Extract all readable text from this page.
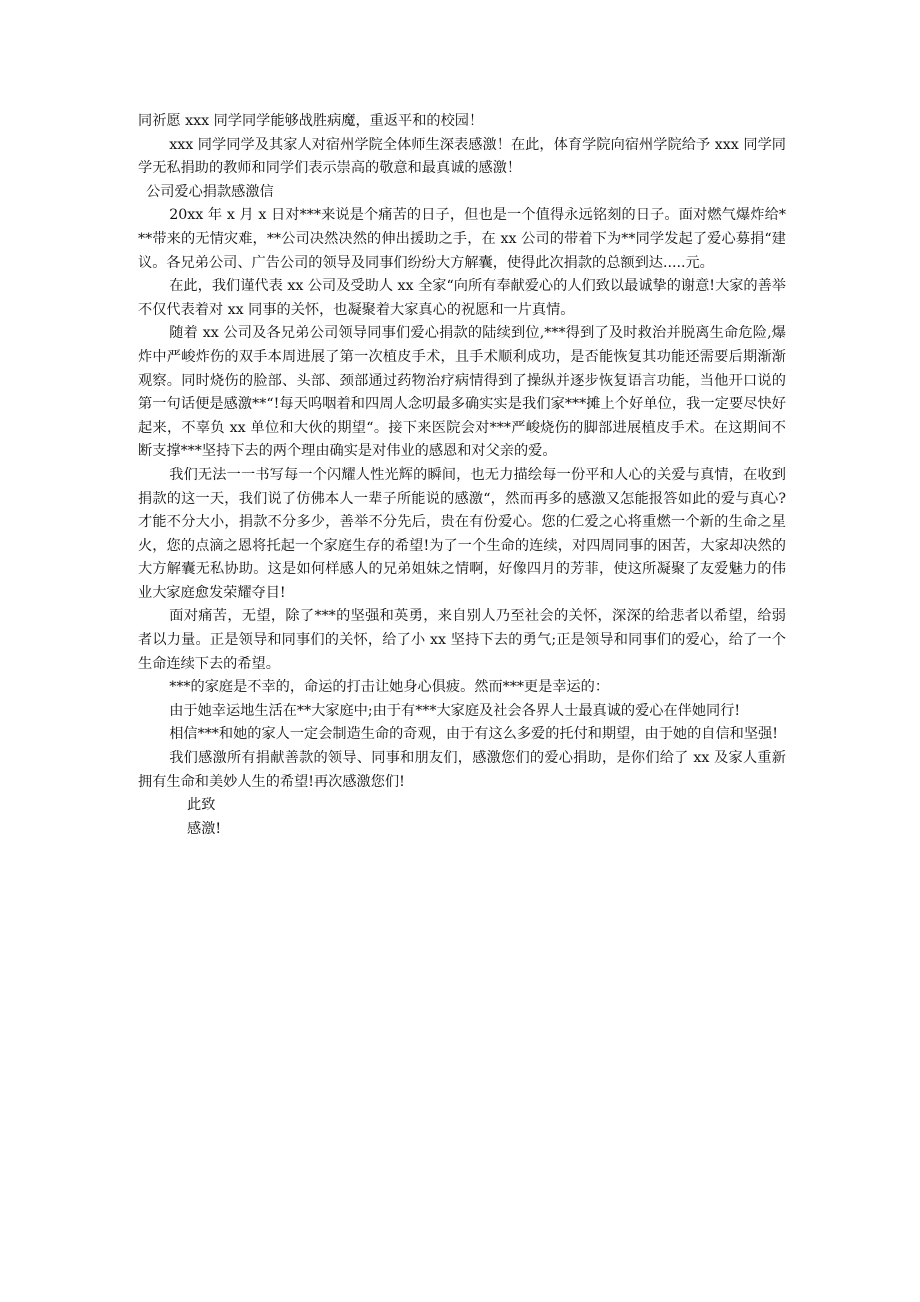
同祈愿 xxx 同学同学能够战胜病魔，重返平和的校园！

xxx 同学同学及其家人对宿州学院全体师生深表感激！在此，体育学院向宿州学院给予 xxx 同学同学无私捐助的教师和同学们表示崇高的敬意和最真诚的感激！

公司爱心捐款感激信

20xx 年 x 月 x 日对***来说是个痛苦的日子，但也是一个值得永远铭刻的日子。面对燃气爆炸给***带来的无情灾难，**公司决然决然的伸出援助之手，在 xx 公司的带着下为**同学发起了爱心募捐“建议。各兄弟公司、广告公司的领导及同事们纷纷大方解囊，使得此次捐款的总额到达.....元。

在此，我们谨代表 xx 公司及受助人 xx 全家“向所有奉献爱心的人们致以最诚挚的谢意!大家的善举不仅代表着对 xx 同事的关怀，也凝聚着大家真心的祝愿和一片真情。

随着 xx 公司及各兄弟公司领导同事们爱心捐款的陆续到位,***得到了及时救治并脱离生命危险,爆炸中严峻炸伤的双手本周进展了第一次植皮手术，且手术顺利成功，是否能恢复其功能还需要后期渐渐观察。同时烧伤的脸部、头部、颈部通过药物治疗病情得到了操纵并逐步恢复语言功能，当他开口说的第一句话便是感激**“!每天呜咽着和四周人念叨最多确实实是我们家***摊上个好单位，我一定要尽快好起来，不辜负 xx 单位和大伙的期望“。接下来医院会对***严峻烧伤的脚部进展植皮手术。在这期间不断支撑***坚持下去的两个理由确实是对伟业的感恩和对父亲的爱。

我们无法一一书写每一个闪耀人性光辉的瞬间，也无力描绘每一份平和人心的关爱与真情，在收到捐款的这一天，我们说了仿佛本人一辈子所能说的感激“，然而再多的感激又怎能报答如此的爱与真心?才能不分大小，捐款不分多少，善举不分先后，贵在有份爱心。您的仁爱之心将重燃一个新的生命之星火，您的点滴之恩将托起一个家庭生存的希望!为了一个生命的连续，对四周同事的困苦，大家却决然的大方解囊无私协助。这是如何样感人的兄弟姐妹之情啊，好像四月的芳菲，使这所凝聚了友爱魅力的伟业大家庭愈发荣耀夺目!

面对痛苦，无望，除了***的坚强和英勇，来自别人乃至社会的关怀，深深的给悲者以希望，给弱者以力量。正是领导和同事们的关怀，给了小 xx 坚持下去的勇气;正是领导和同事们的爱心，给了一个生命连续下去的希望。

***的家庭是不幸的，命运的打击让她身心俱疲。然而***更是幸运的：

由于她幸运地生活在**大家庭中;由于有***大家庭及社会各界人士最真诚的爱心在伴她同行!

相信***和她的家人一定会制造生命的奇观，由于有这么多爱的托付和期望，由于她的自信和坚强!

我们感激所有捐献善款的领导、同事和朋友们，感激您们的爱心捐助，是你们给了 xx 及家人重新拥有生命和美妙人生的希望!再次感激您们!

此致

感激!
